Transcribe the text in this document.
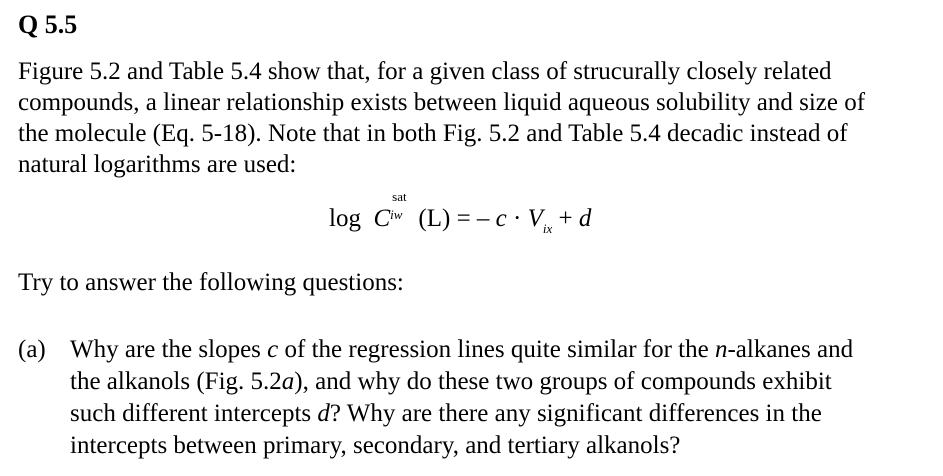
Q 5.5
Figure 5.2 and Table 5.4 show that, for a given class of strucurally closely related
compounds, a linear relationship exists between liquid aqueous solubility and size of
the molecule (Eq. 5-18). Note that in both Fig. 5.2 and Table 5.4 decadic instead of
natural logarithms are used:
log C
sat
iw (L) = – $c \cdot V_{ix} + d$
Try to answer the following questions:
(a) Why are the slopes c of the regression lines quite similar for the n-alkanes and
the alkanols (Fig. 5.2a), and why do these two groups of compounds exhibit
such different intercepts d? Why are there any significant differences in the
intercepts between primary, secondary, and tertiary alkanols?
